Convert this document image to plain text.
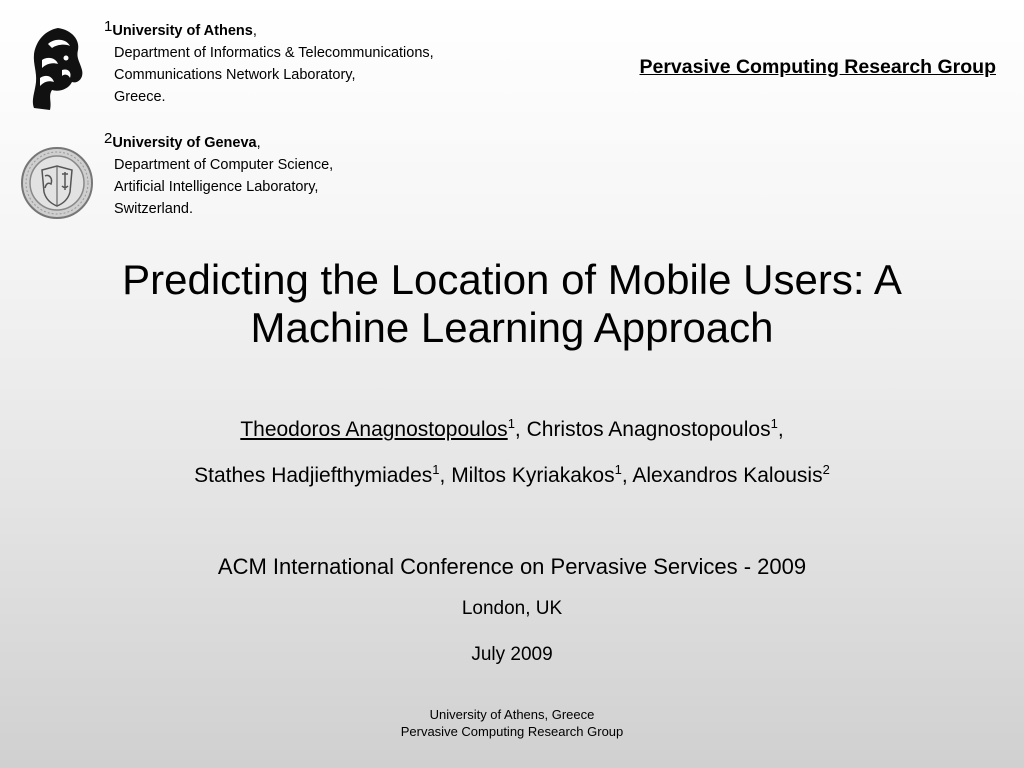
$^1$University of Athens,
Department of Informatics & Telecommunications,
Communications Network Laboratory,
Greece.
$^2$University of Geneva,
Department of Computer Science,
Artificial Intelligence Laboratory,
Switzerland.
Pervasive Computing Research Group
Predicting the Location of Mobile Users: A
Machine Learning Approach
Theodoros Anagnostopoulos$^1$, Christos Anagnostopoulos$^1$,
Stathes Hadjiefthymiades$^1$, Miltos Kyriakakos$^1$, Alexandros Kalousis$^2$
ACM International Conference on Pervasive Services - 2009
London, UK
July 2009
University of Athens, Greece
Pervasive Computing Research Group
